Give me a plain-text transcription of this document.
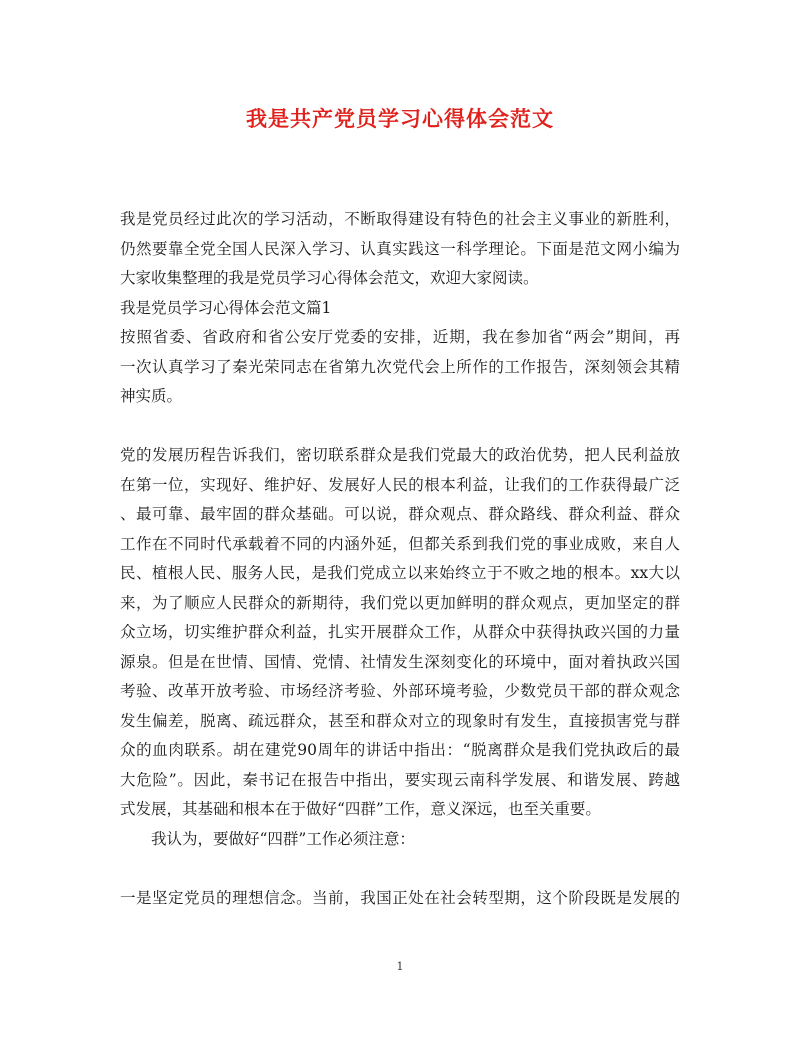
我是共产党员学习心得体会范文
我是党员经过此次的学习活动，不断取得建设有特色的社会主义事业的新胜利，
仍然要靠全党全国人民深入学习、认真实践这一科学理论。下面是范文网小编为
大家收集整理的我是党员学习心得体会范文，欢迎大家阅读。
我是党员学习心得体会范文篇1
按照省委、省政府和省公安厅党委的安排，近期，我在参加省“两会”期间，再
一次认真学习了秦光荣同志在省第九次党代会上所作的工作报告，深刻领会其精
神实质。
党的发展历程告诉我们，密切联系群众是我们党最大的政治优势，把人民利益放
在第一位，实现好、维护好、发展好人民的根本利益，让我们的工作获得最广泛
、最可靠、最牢固的群众基础。可以说，群众观点、群众路线、群众利益、群众
工作在不同时代承载着不同的内涵外延，但都关系到我们党的事业成败，来自人
民、植根人民、服务人民，是我们党成立以来始终立于不败之地的根本。xx大以
来，为了顺应人民群众的新期待，我们党以更加鲜明的群众观点，更加坚定的群
众立场，切实维护群众利益，扎实开展群众工作，从群众中获得执政兴国的力量
源泉。但是在世情、国情、党情、社情发生深刻变化的环境中，面对着执政兴国
考验、改革开放考验、市场经济考验、外部环境考验，少数党员干部的群众观念
发生偏差，脱离、疏远群众，甚至和群众对立的现象时有发生，直接损害党与群
众的血肉联系。胡在建党90周年的讲话中指出：“脱离群众是我们党执政后的最
大危险”。因此，秦书记在报告中指出，要实现云南科学发展、和谐发展、跨越
式发展，其基础和根本在于做好“四群”工作，意义深远，也至关重要。
我认为，要做好“四群”工作必须注意：
一是坚定党员的理想信念。当前，我国正处在社会转型期，这个阶段既是发展的
1
